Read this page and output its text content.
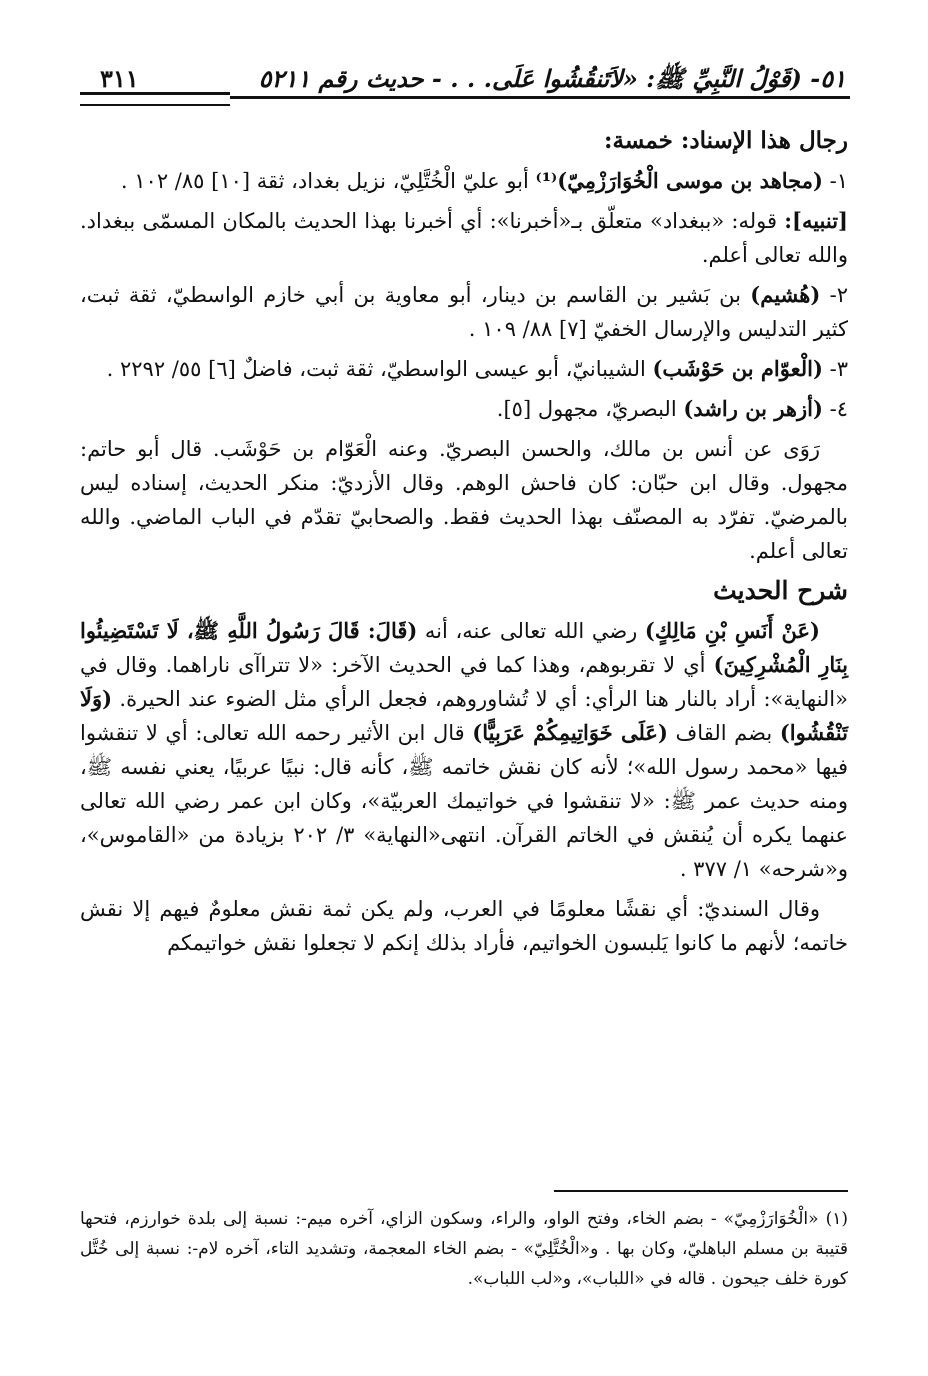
٥١- (قَوْلُ النَّبِيِّ ﷺ: «لاَتَنقُشُوا عَلَى. . . - حديث رقم ٥٢١١
٣١١

رجال هذا الإسناد: خمسة:

١- (مجاهد بن موسى الْخُوَارَزْمِيّ)⁽¹⁾ أبو عليّ الْخُتَّلِيّ، نزيل بغداد، ثقة [١٠] ٨٥/ ١٠٢ .

[تنبيه]: قوله: «ببغداد» متعلّق بـ«أخبرنا»: أي أخبرنا بهذا الحديث بالمكان المسمّى ببغداد. والله تعالى أعلم.

٢- (هُشيم) بن بَشير بن القاسم بن دينار، أبو معاوية بن أبي خازم الواسطيّ، ثقة ثبت، كثير التدليس والإرسال الخفيّ [٧] ٨٨/ ١٠٩ .

٣- (الْعوّام بن حَوْشَب) الشيبانيّ، أبو عيسى الواسطيّ، ثقة ثبت، فاضلٌ [٦] ٥٥/ ٢٢٩٢ .

٤- (أزهر بن راشد) البصريّ، مجهول [٥].

رَوَى عن أنس بن مالك، والحسن البصريّ. وعنه الْعَوّام بن حَوْشَب. قال أبو حاتم: مجهول. وقال ابن حبّان: كان فاحش الوهم. وقال الأزديّ: منكر الحديث، إسناده ليس بالمرضيّ. تفرّد به المصنّف بهذا الحديث فقط. والصحابيّ تقدّم في الباب الماضي. والله تعالى أعلم.

شرح الحديث

(عَنْ أَنَسِ بْنِ مَالِكٍ) رضي الله تعالى عنه، أنه (قَالَ: قَالَ رَسُولُ اللَّهِ ﷺ، لَا تَسْتَضِيئُوا بِنَارِ الْمُشْرِكِينَ) أي لا تقربوهم، وهذا كما في الحديث الآخر: «لا تتراآى ناراهما. وقال في «النهاية»: أراد بالنار هنا الرأي: أي لا تُشاوروهم، فجعل الرأي مثل الضوء عند الحيرة. (وَلَا تَنْقُشُوا) بضم القاف (عَلَى خَوَاتِيمِكُمْ عَرَبِيًّا) قال ابن الأثير رحمه الله تعالى: أي لا تنقشوا فيها «محمد رسول الله»؛ لأنه كان نقش خاتمه ﷺ، كأنه قال: نبيًا عربيًا، يعني نفسه ﷺ، ومنه حديث عمر ﷺ: «لا تنقشوا في خواتيمك العربيّة»، وكان ابن عمر رضي الله تعالى عنهما يكره أن يُنقش في الخاتم القرآن. انتهى«النهاية» ٣/ ٢٠٢ بزيادة من «القاموس»، و«شرحه» ١/ ٣٧٧ .

وقال السنديّ: أي نقشًا معلومًا في العرب، ولم يكن ثمة نقش معلومٌ فيهم إلا نقش خاتمه؛ لأنهم ما كانوا يَلبسون الخواتيم، فأراد بذلك إنكم لا تجعلوا نقش خواتيمكم

(١) «الْخُوَارَزْمِيّ» - بضم الخاء، وفتح الواو، والراء، وسكون الزاي، آخره ميم-: نسبة إلى بلدة خوارزم، فتحها قتيبة بن مسلم الباهليّ، وكان بها . و«الْخُتَّلِيّ» - بضم الخاء المعجمة، وتشديد التاء، آخره لام-: نسبة إلى خُتَّل كورة خلف جيحون . قاله في «اللباب»، و«لب اللباب».
